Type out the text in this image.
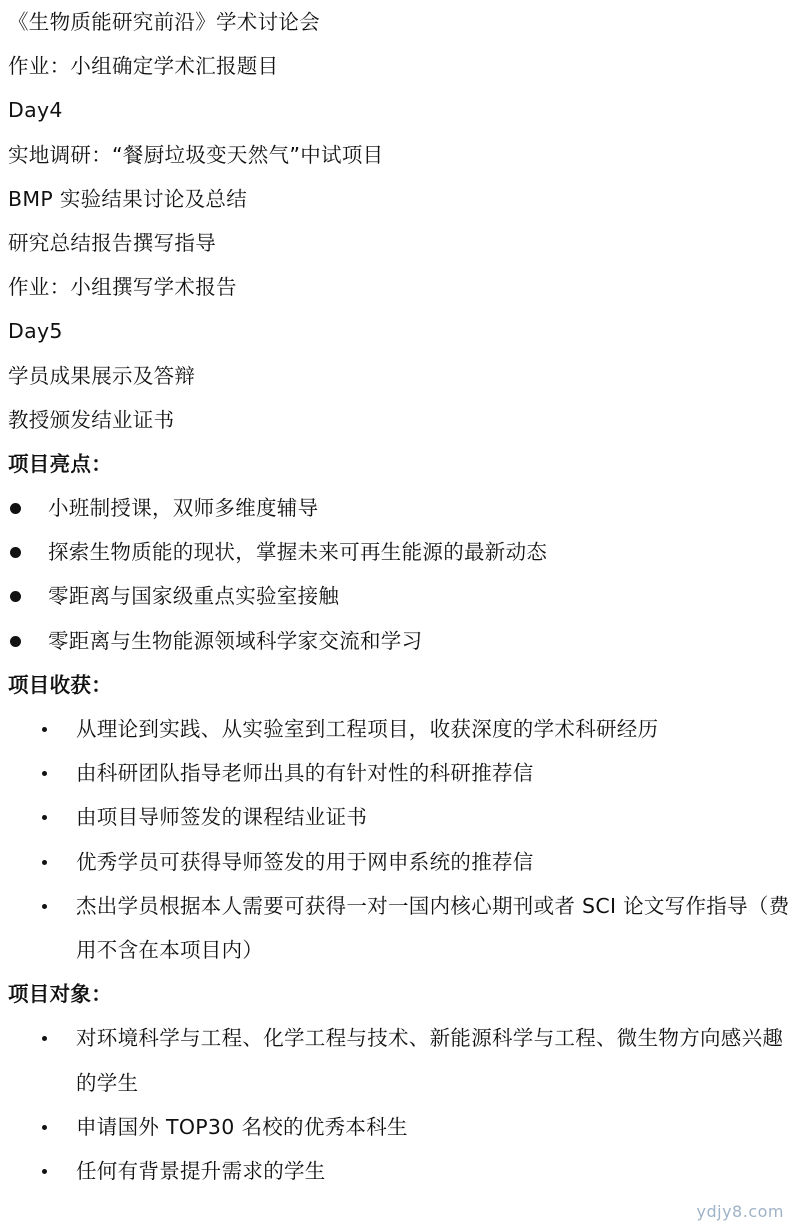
《生物质能研究前沿》学术讨论会
作业：小组确定学术汇报题目
Day4
实地调研：“餐厨垃圾变天然气”中试项目
BMP 实验结果讨论及总结
研究总结报告撰写指导
作业：小组撰写学术报告
Day5
学员成果展示及答辩
教授颁发结业证书
项目亮点：
小班制授课，双师多维度辅导
探索生物质能的现状，掌握未来可再生能源的最新动态
零距离与国家级重点实验室接触
零距离与生物能源领域科学家交流和学习
项目收获：
从理论到实践、从实验室到工程项目，收获深度的学术科研经历
由科研团队指导老师出具的有针对性的科研推荐信
由项目导师签发的课程结业证书
优秀学员可获得导师签发的用于网申系统的推荐信
杰出学员根据本人需要可获得一对一国内核心期刊或者 SCI 论文写作指导（费用不含在本项目内）
项目对象：
对环境科学与工程、化学工程与技术、新能源科学与工程、微生物方向感兴趣的学生
申请国外 TOP30 名校的优秀本科生
任何有背景提升需求的学生
ydjy8.com
